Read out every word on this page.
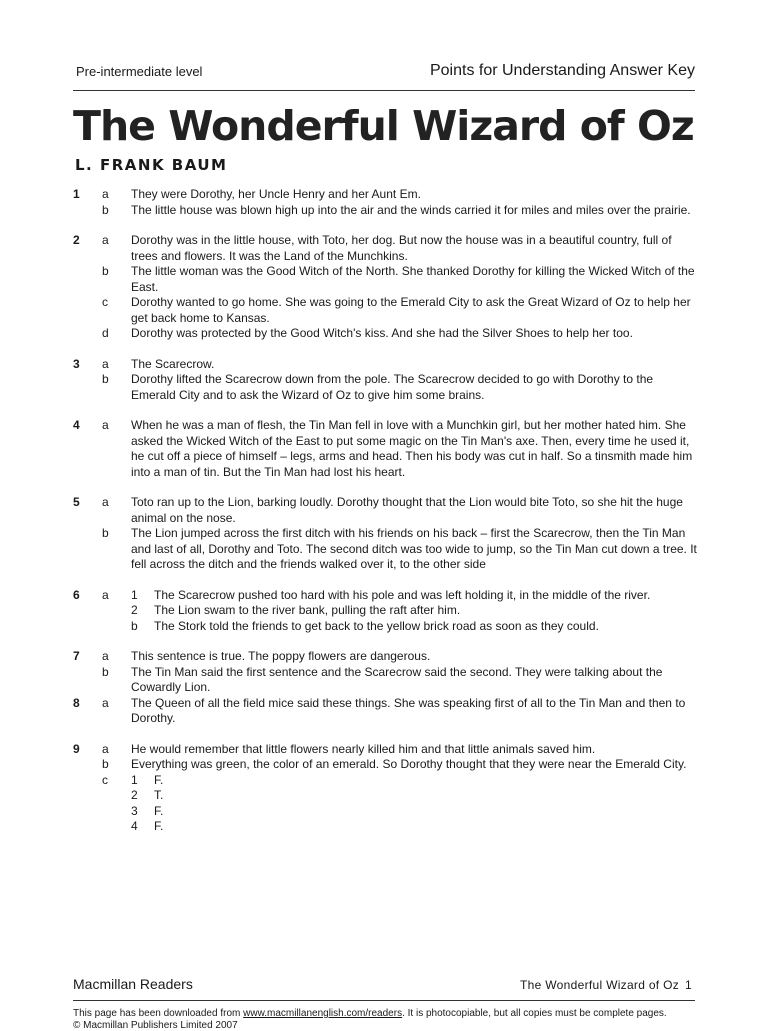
Pre-intermediate level	Points for Understanding Answer Key
The Wonderful Wizard of Oz
L. FRANK BAUM
1 a They were Dorothy, her Uncle Henry and her Aunt Em.
b The little house was blown high up into the air and the winds carried it for miles and miles over the prairie.
2 a Dorothy was in the little house, with Toto, her dog. But now the house was in a beautiful country, full of trees and flowers. It was the Land of the Munchkins.
b The little woman was the Good Witch of the North. She thanked Dorothy for killing the Wicked Witch of the East.
c Dorothy wanted to go home. She was going to the Emerald City to ask the Great Wizard of Oz to help her get back home to Kansas.
d Dorothy was protected by the Good Witch's kiss. And she had the Silver Shoes to help her too.
3 a The Scarecrow.
b Dorothy lifted the Scarecrow down from the pole. The Scarecrow decided to go with Dorothy to the Emerald City and to ask the Wizard of Oz to give him some brains.
4 a When he was a man of flesh, the Tin Man fell in love with a Munchkin girl, but her mother hated him. She asked the Wicked Witch of the East to put some magic on the Tin Man's axe. Then, every time he used it, he cut off a piece of himself – legs, arms and head. Then his body was cut in half. So a tinsmith made him into a man of tin. But the Tin Man had lost his heart.
5 a Toto ran up to the Lion, barking loudly. Dorothy thought that the Lion would bite Toto, so she hit the huge animal on the nose.
b The Lion jumped across the first ditch with his friends on his back – first the Scarecrow, then the Tin Man and last of all, Dorothy and Toto. The second ditch was too wide to jump, so the Tin Man cut down a tree. It fell across the ditch and the friends walked over it, to the other side
6 a 1 The Scarecrow pushed too hard with his pole and was left holding it, in the middle of the river.
2 The Lion swam to the river bank, pulling the raft after him.
b The Stork told the friends to get back to the yellow brick road as soon as they could.
7 a This sentence is true. The poppy flowers are dangerous.
b The Tin Man said the first sentence and the Scarecrow said the second. They were talking about the Cowardly Lion.
8 a The Queen of all the field mice said these things. She was speaking first of all to the Tin Man and then to Dorothy.
9 a He would remember that little flowers nearly killed him and that little animals saved him.
b Everything was green, the color of an emerald. So Dorothy thought that they were near the Emerald City.
c 1 F.
2 T.
3 F.
4 F.
Macmillan Readers	The Wonderful Wizard of Oz 1
This page has been downloaded from www.macmillanenglish.com/readers. It is photocopiable, but all copies must be complete pages.
© Macmillan Publishers Limited 2007
